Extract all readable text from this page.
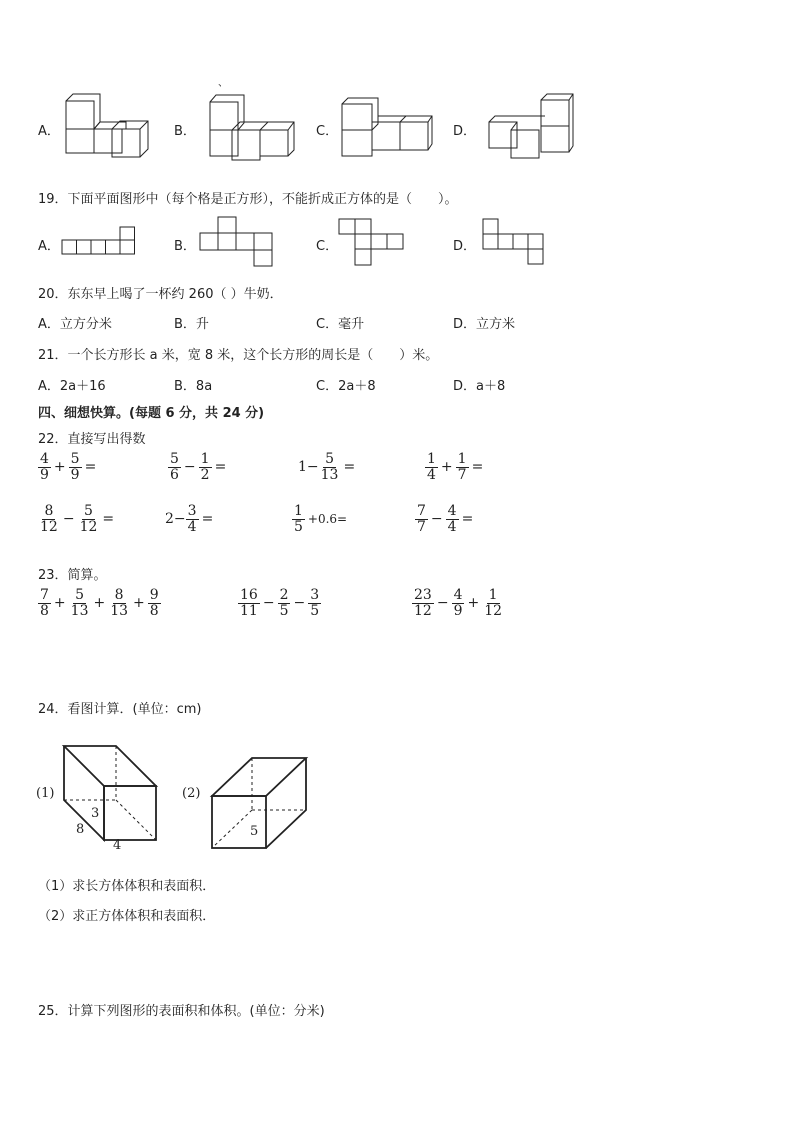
、
A．	B．	C．	D．
19．下面平面图形中（每个格是正方形），不能折成正方体的是（　　）。
A．	B．	C．	D．
20．东东早上喝了一杯约 260（ ）牛奶．
A．立方分米	B．升	C．毫升	D．立方米
21．一个长方形长 a 米，宽 8 米，这个长方形的周长是（　　）米。
A．2a＋16	B．8a	C．2a＋8	D．a＋8
四、细想快算。(每题 6 分，共 24 分)
22．直接写出得数
$\frac{4}{9} + \frac{5}{9}$ =	$\frac{5}{6} - \frac{1}{2}$ =	$1- \frac{5}{13}$ =	$\frac{1}{4} + \frac{1}{7}$ =
$\frac{8}{12} - \frac{5}{12}$ =	$2- \frac{3}{4}$ =	$\frac{1}{5} +0.6=$	$\frac{7}{7} - \frac{4}{4}$ =
23．简算。
$\frac{7}{8} + \frac{5}{13} + \frac{8}{13} + \frac{9}{8}$	$\frac{16}{11} - \frac{2}{5} - \frac{3}{5}$	$\frac{23}{12} - \frac{4}{9} + \frac{1}{12}$
24．看图计算．(单位：cm)
(1)
8
3
4
(2)
5
（1）求长方体体积和表面积．
（2）求正方体体积和表面积．
25．计算下列图形的表面积和体积。(单位：分米)
